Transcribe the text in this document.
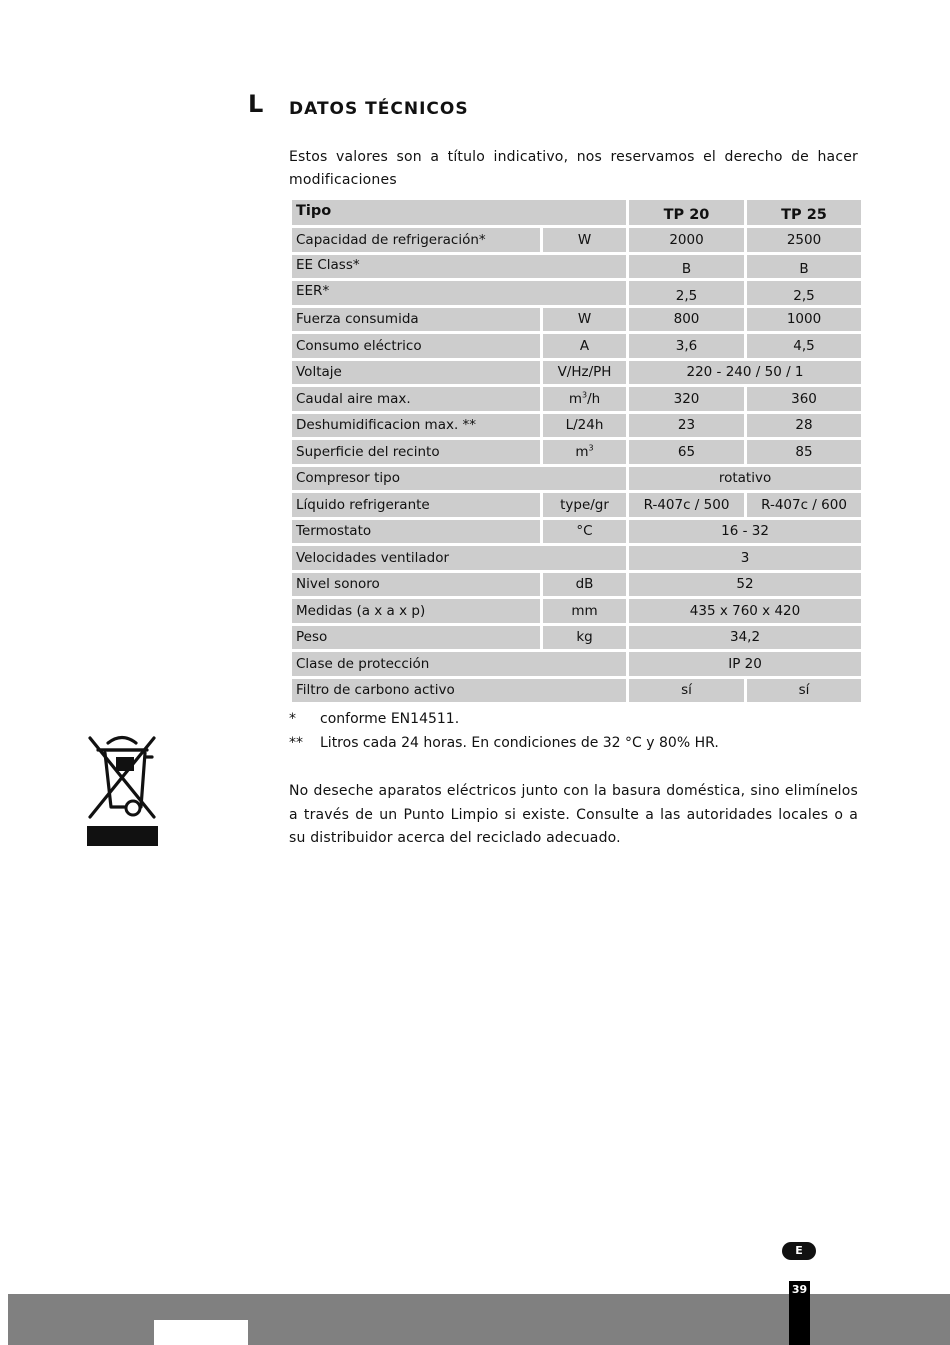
L DATOS TÉCNICOS

Estos valores son a título indicativo, nos reservamos el derecho de hacer modificaciones

Tipo		TP 20	TP 25
Capacidad de refrigeración*	W	2000	2500
EE Class*		B	B
EER*		2,5	2,5
Fuerza consumida	W	800	1000
Consumo eléctrico	A	3,6	4,5
Voltaje	V/Hz/PH	220 - 240 / 50 / 1	
Caudal aire max.	$m^3/h$	320	360
Deshumidificacion max. **	L/24h	23	28
Superficie del recinto	$m^3$	65	85
Compresor tipo		rotativo	
Líquido refrigerante	type/gr	R-407c / 500	R-407c / 600
Termostato	°C	16 - 32	
Velocidades ventilador		3	
Nivel sonoro	dB	52	
Medidas (a x a x p)	mm	435 x 760 x 420	
Peso	kg	34,2	
Clase de protección		IP 20	
Filtro de carbono activo		sí	sí
* conforme EN14511.
** Litros cada 24 horas. En condiciones de 32 °C y 80% HR.

No deseche aparatos eléctricos junto con la basura doméstica, sino elimínelos a través de un Punto Limpio si existe. Consulte a las autoridades locales o a su distribuidor acerca del reciclado adecuado.

E
39
